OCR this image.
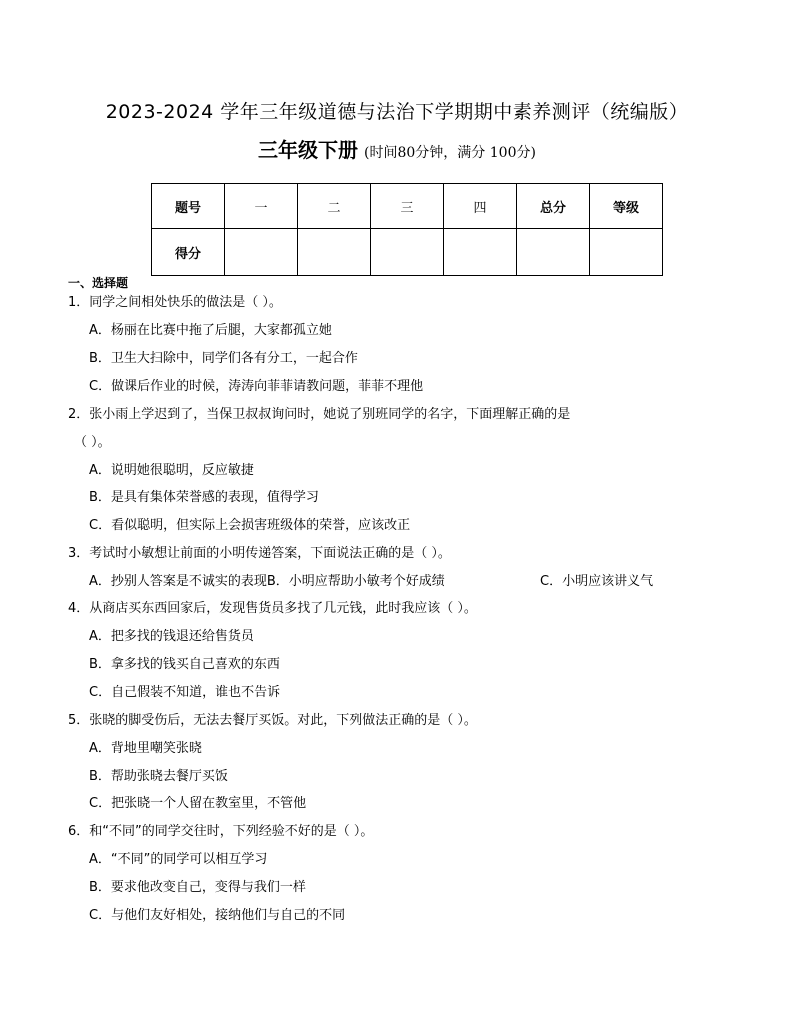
2023-2024 学年三年级道德与法治下学期期中素养测评（统编版）
三年级下册 (时间80分钟，满分 100分)
题号	一	二	三	四	总分	等级
得分						
一、选择题
1．同学之间相处快乐的做法是（ ）。
A．杨丽在比赛中拖了后腿，大家都孤立她
B．卫生大扫除中，同学们各有分工，一起合作
C．做课后作业的时候，涛涛向菲菲请教问题，菲菲不理他
2．张小雨上学迟到了，当保卫叔叔询问时，她说了别班同学的名字，下面理解正确的是
（ ）。
A．说明她很聪明，反应敏捷
B．是具有集体荣誉感的表现，值得学习
C．看似聪明，但实际上会损害班级体的荣誉，应该改正
3．考试时小敏想让前面的小明传递答案，下面说法正确的是（ ）。
A．抄别人答案是不诚实的表现B．小明应帮助小敏考个好成绩	C．小明应该讲义气
4．从商店买东西回家后，发现售货员多找了几元钱，此时我应该（ ）。
A．把多找的钱退还给售货员
B．拿多找的钱买自己喜欢的东西
C．自己假装不知道，谁也不告诉
5．张晓的脚受伤后，无法去餐厅买饭。对此，下列做法正确的是（ ）。
A．背地里嘲笑张晓
B．帮助张晓去餐厅买饭
C．把张晓一个人留在教室里，不管他
6．和“不同”的同学交往时，下列经验不好的是（ ）。
A．“不同”的同学可以相互学习
B．要求他改变自己，变得与我们一样
C．与他们友好相处，接纳他们与自己的不同
